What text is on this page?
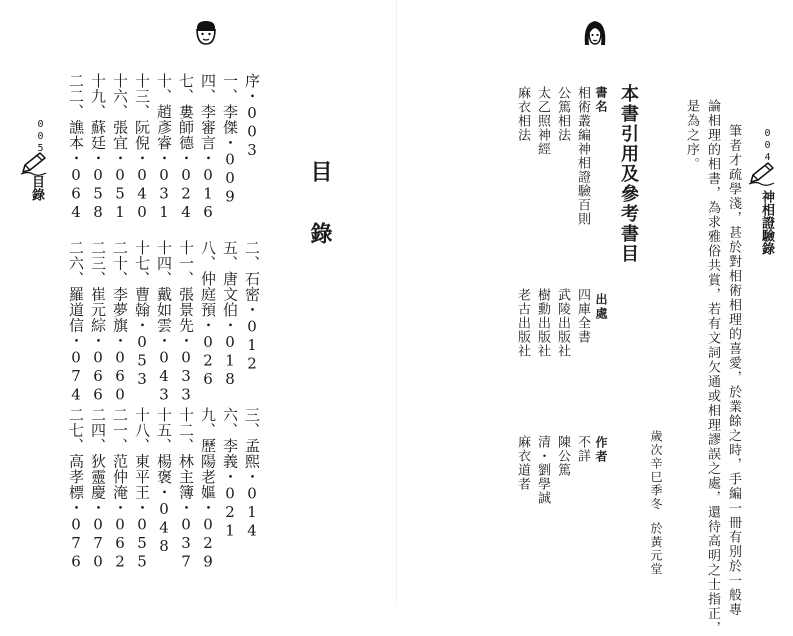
005
目錄	目錄
序・003
二、石密・012
三、孟熙・014
一、李傑・009
五、唐文伯・018
六、李義・021
四、李審言・016
八、仲庭預・026
九、歷陽老嫗・029
七、婁師德・024
十一、張景先・033
十二、林主簿・037
十、趙彥睿・031
十四、戴如雲・043
十五、楊褒・048
十三、阮倪・040
十七、曹翰・053
十八、東平王・055
十六、張宜・051
二十、李夢旗・060
二一、范仲淹・062
十九、蘇廷・058
二三、崔元綜・066
二四、狄靈慶・070
二二、譙本・064
二六、羅道信・074
二七、高孝標・076
004
神相證驗錄
筆者才疏學淺，甚於對相術相理的喜愛，於業餘之時，手編一冊有別於一般專
論相理的相書，為求雅俗共賞，若有文詞欠通或相理謬誤之處，還待高明之士指正，
是為之序。
歲次辛巳季冬
於黃元堂
本書引用及參考書目
書名
出處
作者
相術叢編神相證驗百則
四庫全書
不詳
公篤相法
武陵出版社
陳公篤
太乙照神經
樹勳出版社
清・劉學誠
麻衣相法
老古出版社
麻衣道者
